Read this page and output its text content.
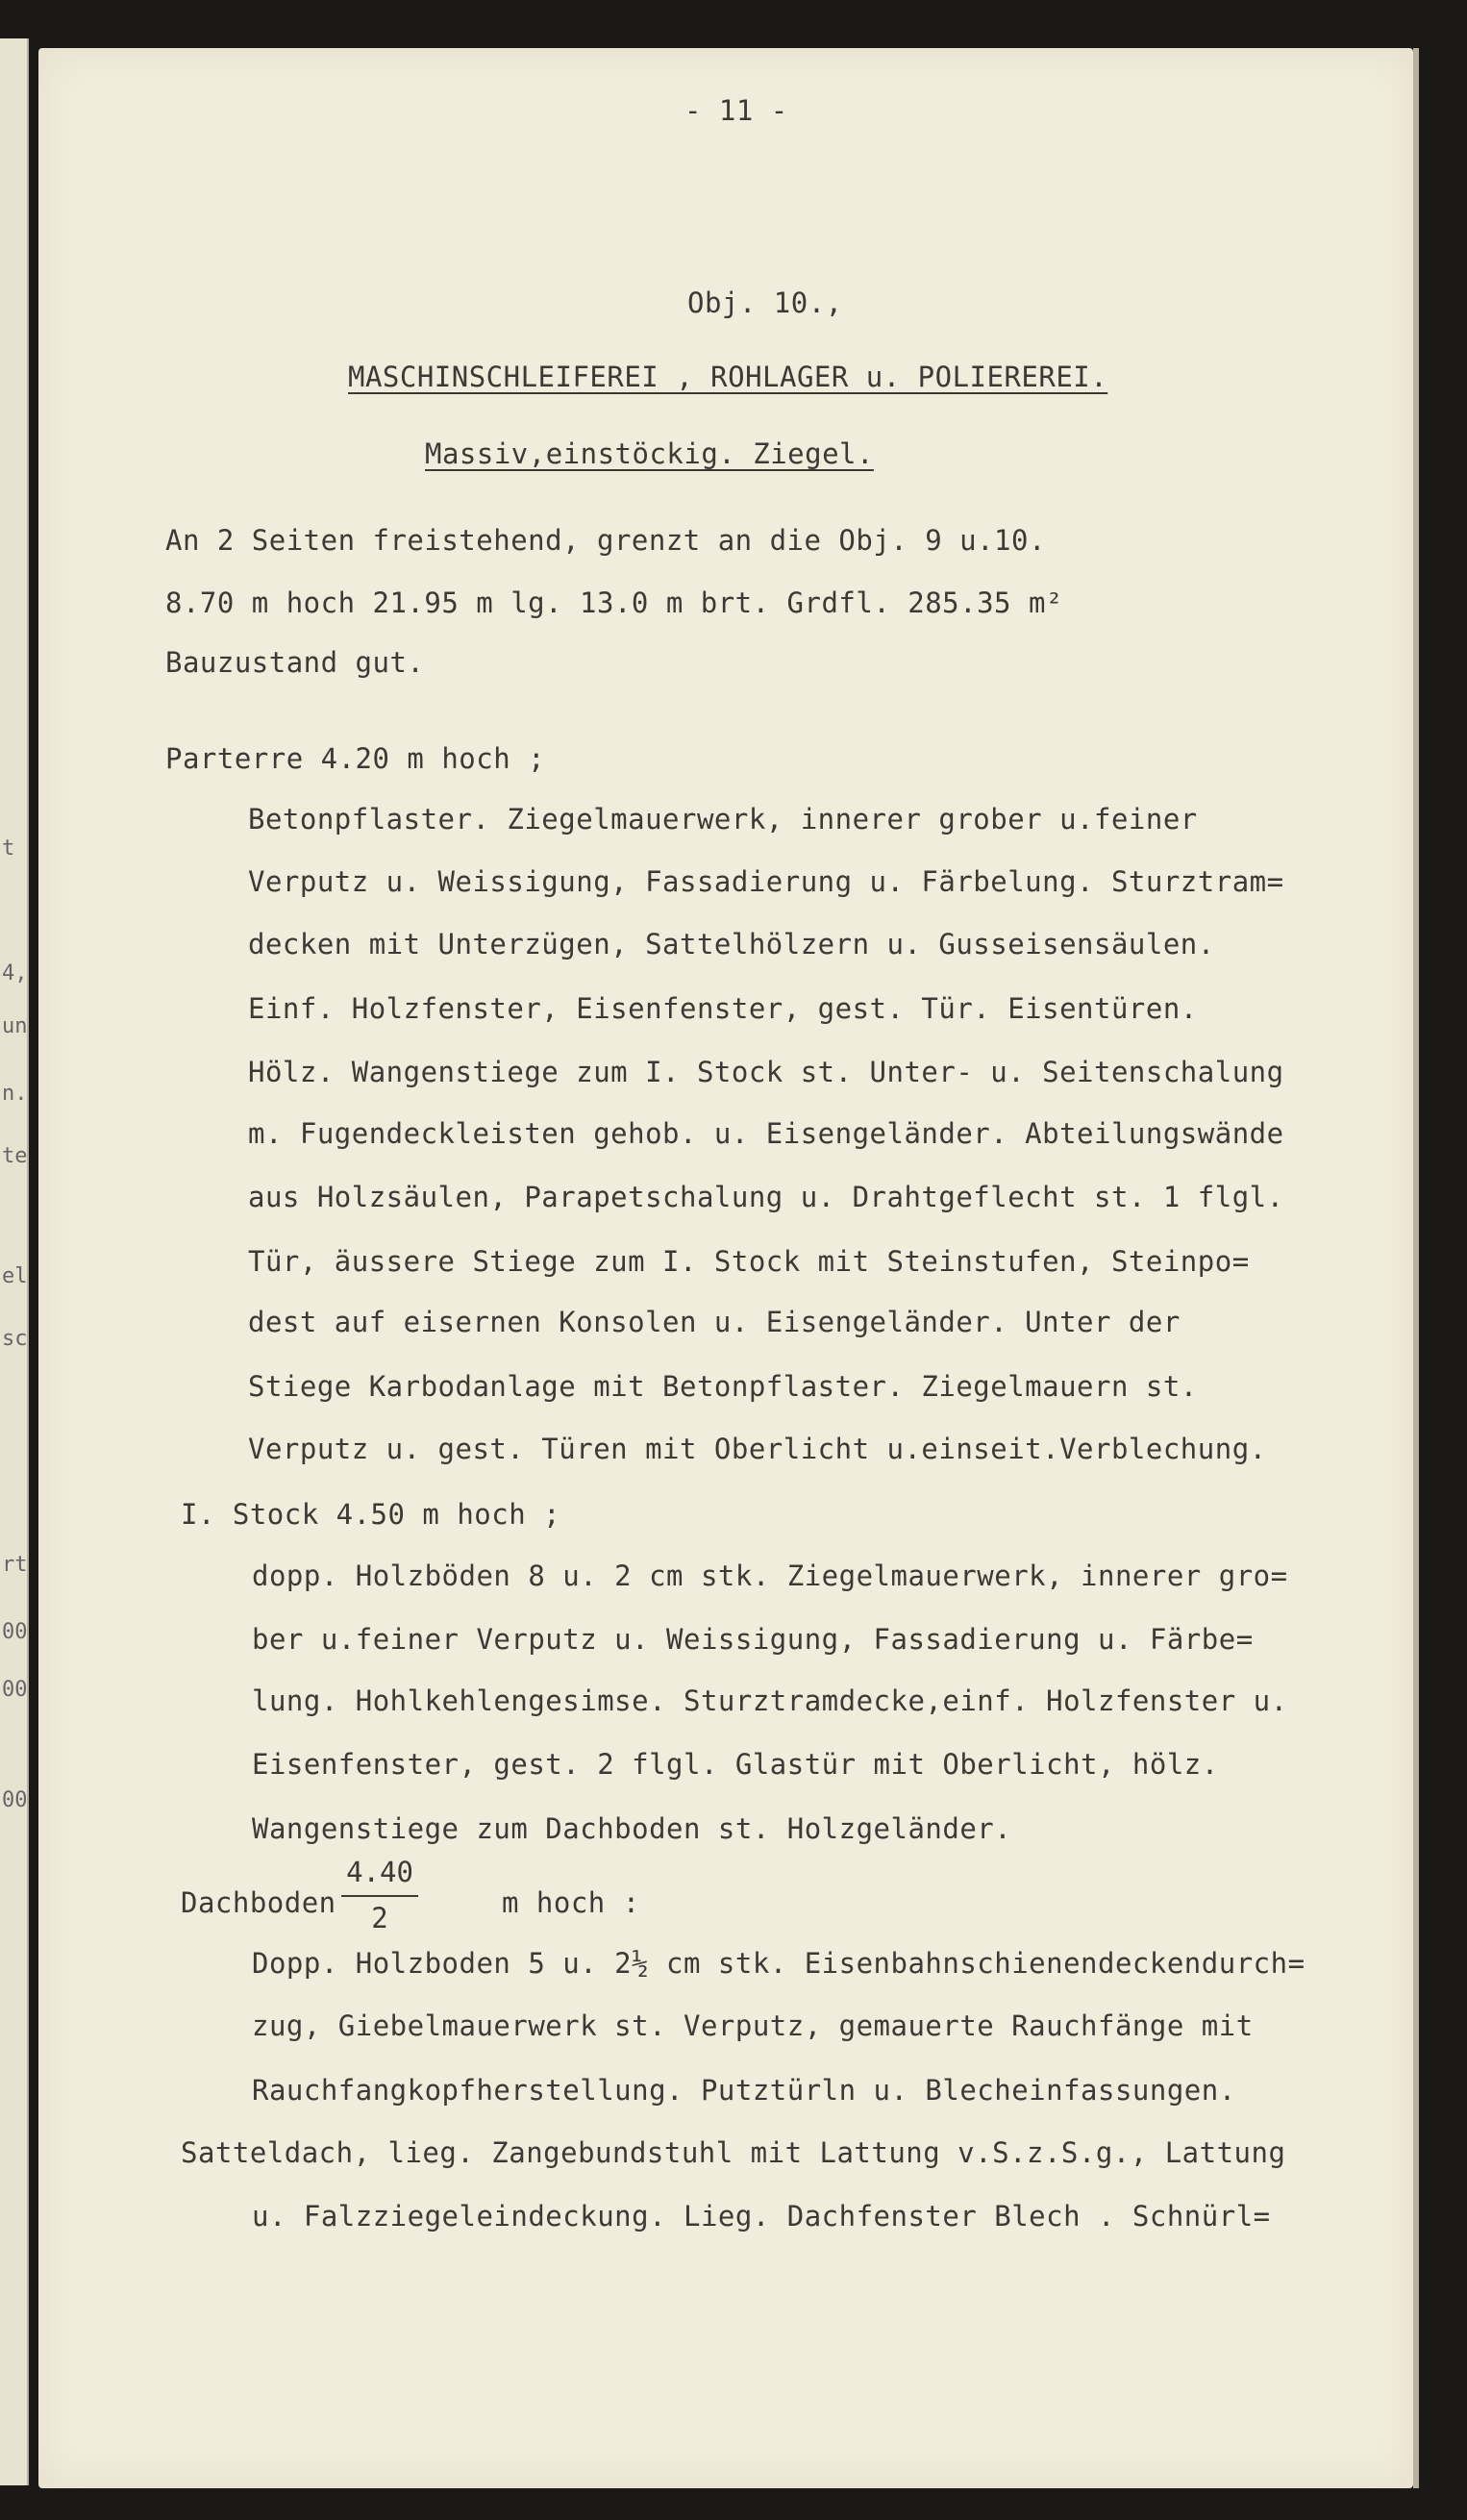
t
4,
un
n.
te
el
sc
rt
00
00
00
- 11 -
Obj. 10.,
MASCHINSCHLEIFEREI , ROHLAGER u. POLIEREREI.
Massiv,einstöckig. Ziegel.
An 2 Seiten freistehend, grenzt an die Obj. 9 u.10.
8.70 m hoch 21.95 m lg. 13.0 m brt. Grdfl. 285.35 m²
Bauzustand gut.
Parterre 4.20 m hoch ;
Betonpflaster. Ziegelmauerwerk, innerer grober u.feiner
Verputz u. Weissigung, Fassadierung u. Färbelung. Sturztram=
decken mit Unterzügen, Sattelhölzern u. Gusseisensäulen.
Einf. Holzfenster, Eisenfenster, gest. Tür. Eisentüren.
Hölz. Wangenstiege zum I. Stock st. Unter- u. Seitenschalung
m. Fugendeckleisten gehob. u. Eisengeländer. Abteilungswände
aus Holzsäulen, Parapetschalung u. Drahtgeflecht st. 1 flgl.
Tür, äussere Stiege zum I. Stock mit Steinstufen, Steinpo=
dest auf eisernen Konsolen u. Eisengeländer. Unter der
Stiege Karbodanlage mit Betonpflaster. Ziegelmauern st.
Verputz u. gest. Türen mit Oberlicht u.einseit.Verblechung.
I. Stock 4.50 m hoch ;
dopp. Holzböden 8 u. 2 cm stk. Ziegelmauerwerk, innerer gro=
ber u.feiner Verputz u. Weissigung, Fassadierung u. Färbe=
lung. Hohlkehlengesimse. Sturztramdecke,einf. Holzfenster u.
Eisenfenster, gest. 2 flgl. Glastür mit Oberlicht, hölz.
Wangenstiege zum Dachboden st. Holzgeländer.
Dachboden
4.40
2	m hoch :
Dopp. Holzboden 5 u. 2½ cm stk. Eisenbahnschienendeckendurch=
zug, Giebelmauerwerk st. Verputz, gemauerte Rauchfänge mit
Rauchfangkopfherstellung. Putztürln u. Blecheinfassungen.
Satteldach, lieg. Zangebundstuhl mit Lattung v.S.z.S.g., Lattung
u. Falzziegeleindeckung. Lieg. Dachfenster Blech . Schnürl=
